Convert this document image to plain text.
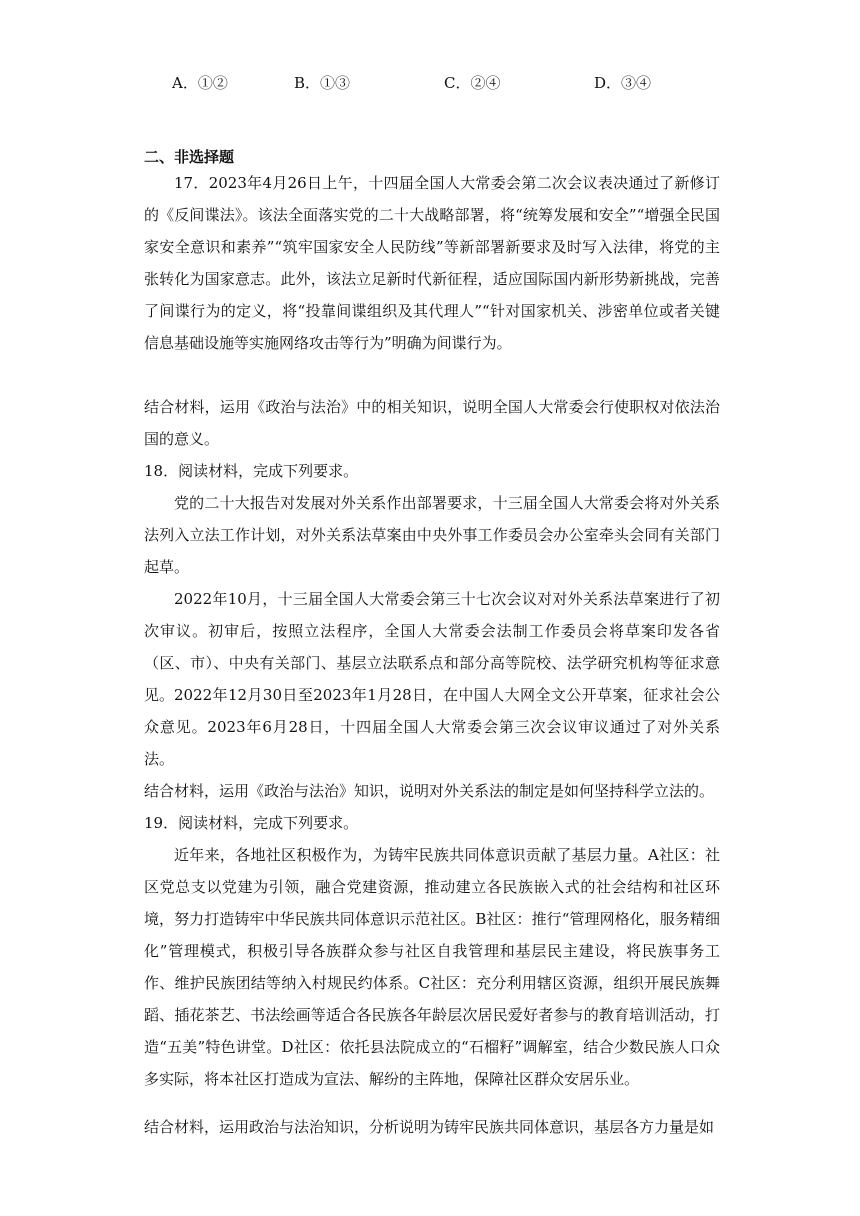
A．①②	B．①③	C．②④	D．③④
二、非选择题
17．2023年4月26日上午，十四届全国人大常委会第二次会议表决通过了新修订的《反间谍法》。该法全面落实党的二十大战略部署，将“统筹发展和安全”“增强全民国家安全意识和素养”“筑牢国家安全人民防线”等新部署新要求及时写入法律，将党的主张转化为国家意志。此外，该法立足新时代新征程，适应国际国内新形势新挑战，完善了间谍行为的定义，将“投靠间谍组织及其代理人”“针对国家机关、涉密单位或者关键信息基础设施等实施网络攻击等行为”明确为间谍行为。
结合材料，运用《政治与法治》中的相关知识，说明全国人大常委会行使职权对依法治国的意义。
18．阅读材料，完成下列要求。
党的二十大报告对发展对外关系作出部署要求，十三届全国人大常委会将对外关系法列入立法工作计划，对外关系法草案由中央外事工作委员会办公室牵头会同有关部门起草。
2022年10月，十三届全国人大常委会第三十七次会议对对外关系法草案进行了初次审议。初审后，按照立法程序，全国人大常委会法制工作委员会将草案印发各省（区、市）、中央有关部门、基层立法联系点和部分高等院校、法学研究机构等征求意见。 2022年12月30日至2023年1月28日，在中国人大网全文公开草案，征求社会公众意见。2023年6月28日，十四届全国人大常委会第三次会议审议通过了对外关系法。
结合材料，运用《政治与法治》知识，说明对外关系法的制定是如何坚持科学立法的。
19．阅读材料，完成下列要求。
近年来，各地社区积极作为，为铸牢民族共同体意识贡献了基层力量。A社区：社区党总支以党建为引领，融合党建资源，推动建立各民族嵌入式的社会结构和社区环境，努力打造铸牢中华民族共同体意识示范社区。B社区：推行“管理网格化，服务精细化”管理模式，积极引导各族群众参与社区自我管理和基层民主建设，将民族事务工作、维护民族团结等纳入村规民约体系。C社区：充分利用辖区资源，组织开展民族舞蹈、插花茶艺、书法绘画等适合各民族各年龄层次居民爱好者参与的教育培训活动，打造“五美”特色讲堂。D社区：依托县法院成立的“石榴籽”调解室，结合少数民族人口众多实际，将本社区打造成为宣法、解纷的主阵地，保障社区群众安居乐业。
结合材料，运用政治与法治知识，分析说明为铸牢民族共同体意识，基层各方力量是如
